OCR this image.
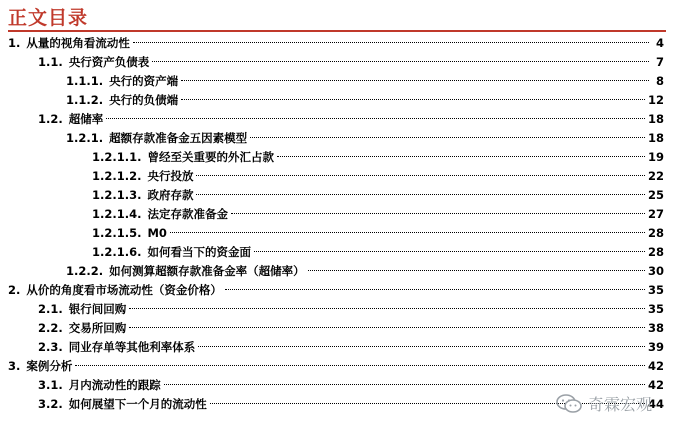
正文目录
1. 从量的视角看流动性	4
1.1. 央行资产负债表	7
1.1.1. 央行的资产端	8
1.1.2. 央行的负债端	12
1.2. 超储率	18
1.2.1. 超额存款准备金五因素模型	18
1.2.1.1. 曾经至关重要的外汇占款	19
1.2.1.2. 央行投放	22
1.2.1.3. 政府存款	25
1.2.1.4. 法定存款准备金	27
1.2.1.5. M0	28
1.2.1.6. 如何看当下的资金面	28
1.2.2. 如何测算超额存款准备金率（超储率）	30
2. 从价的角度看市场流动性（资金价格）	35
2.1. 银行间回购	35
2.2. 交易所回购	38
2.3. 同业存单等其他利率体系	39
3. 案例分析	42
3.1. 月内流动性的跟踪	42
3.2. 如何展望下一个月的流动性	44
奇霖宏观
